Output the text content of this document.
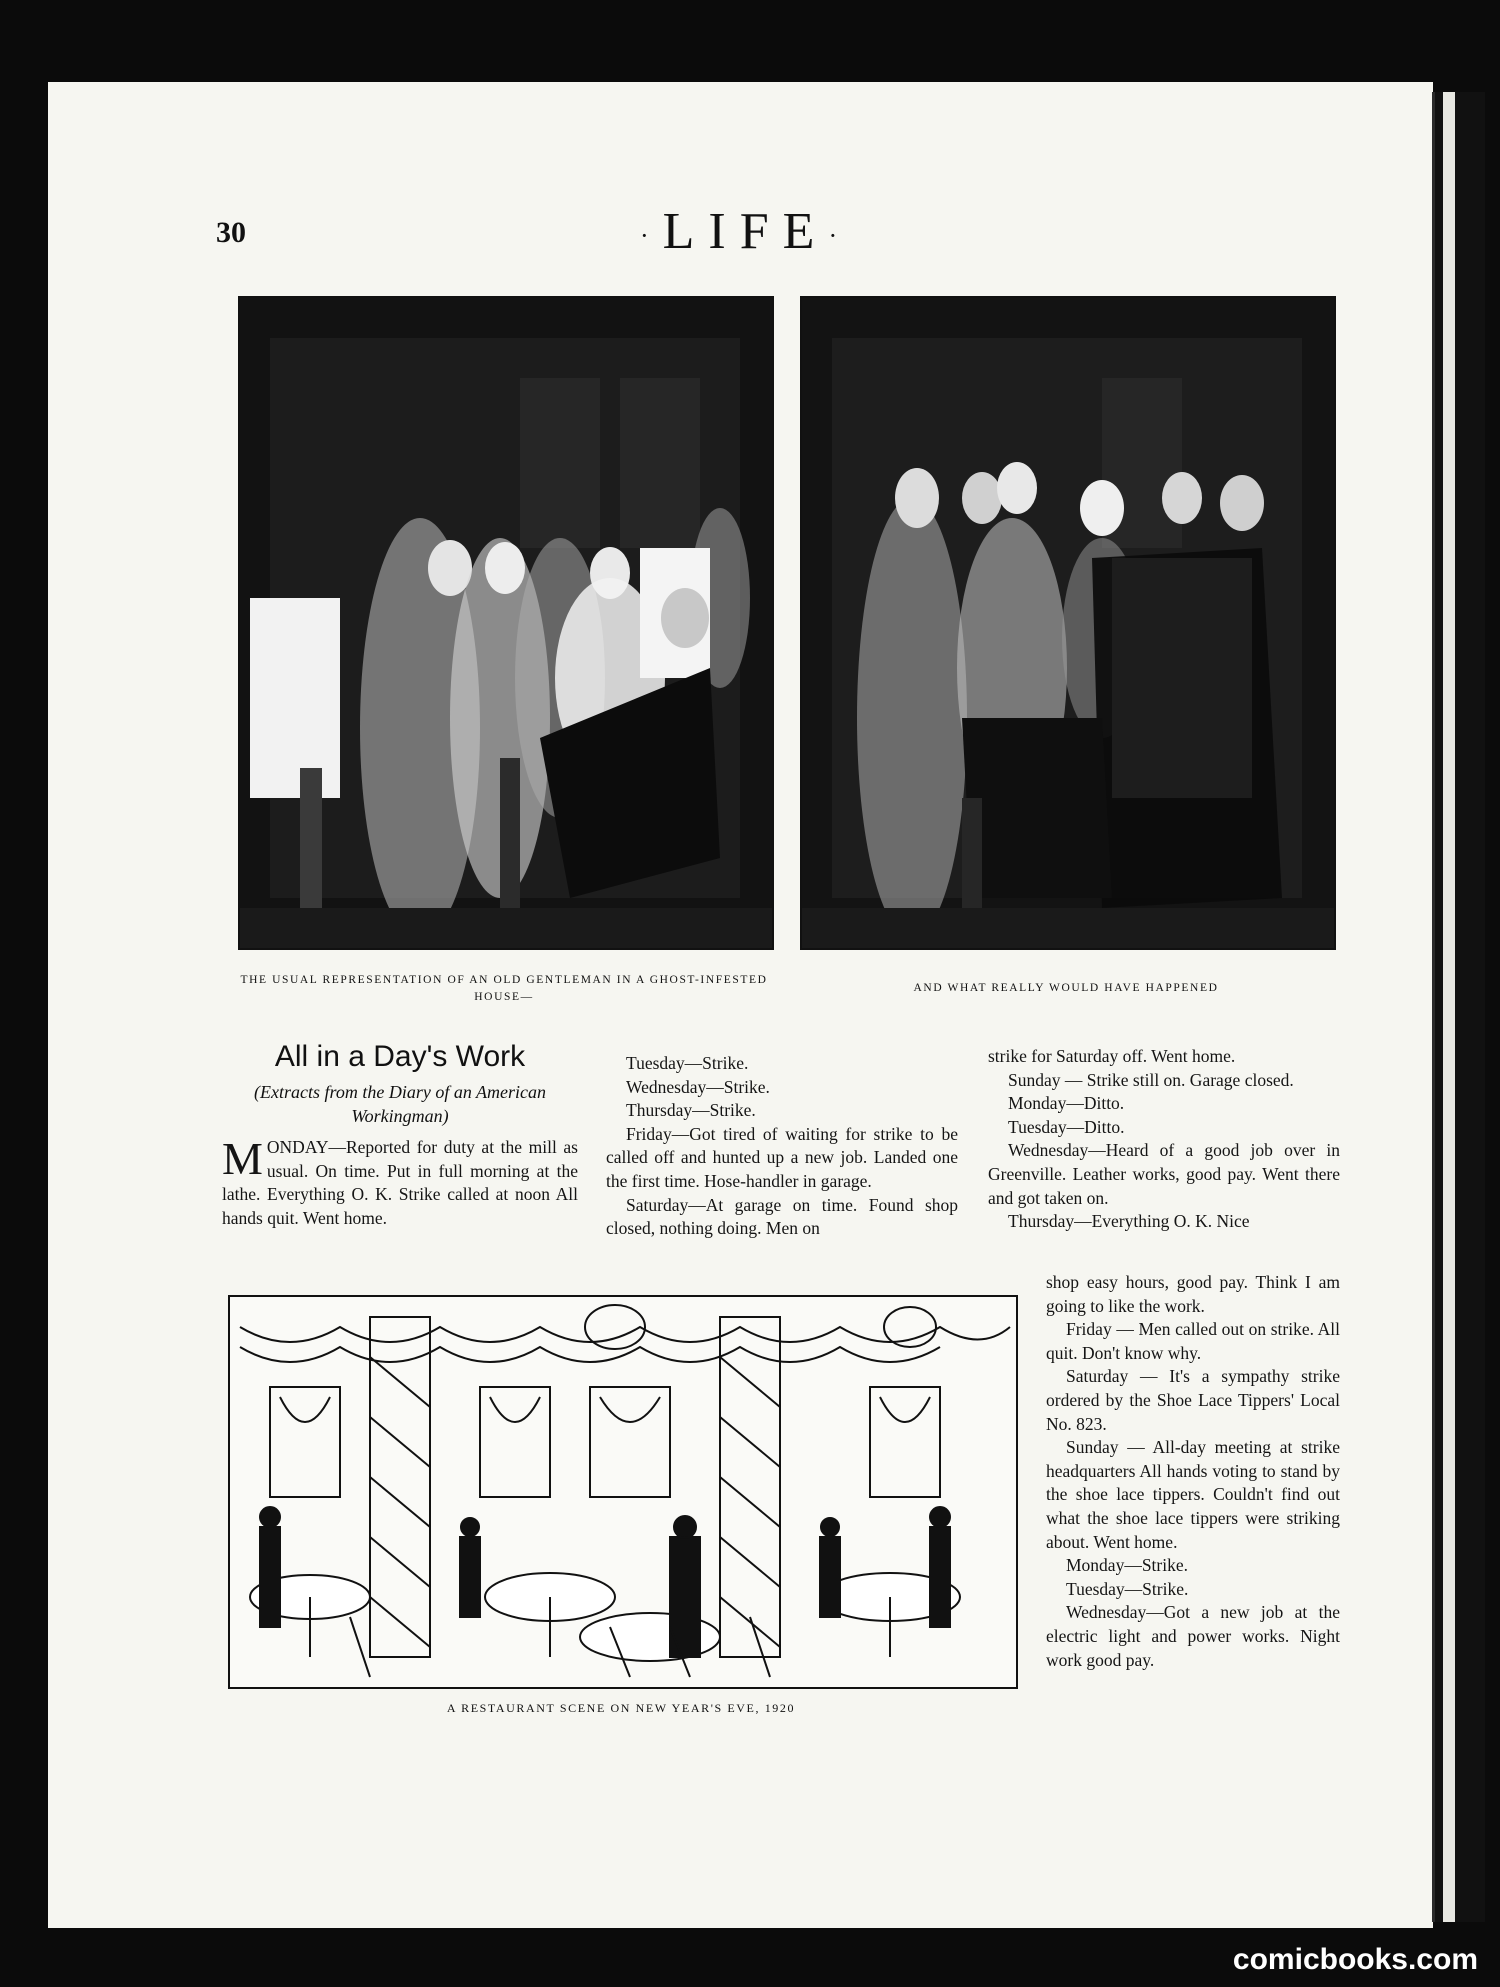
30	·LIFE·
THE USUAL REPRESENTATION OF AN OLD GENTLEMAN IN A GHOST-INFESTED HOUSE—
AND WHAT REALLY WOULD HAVE HAPPENED
All in a Day's Work
(Extracts from the Diary of an American Workingman)

MONDAY—Reported for duty at the mill as usual. On time. Put in full morning at the lathe. Everything O. K. Strike called at noon All hands quit. Went home.

Tuesday—Strike.

Wednesday—Strike.

Thursday—Strike.

Friday—Got tired of waiting for strike to be called off and hunted up a new job. Landed one the first time. Hose-handler in garage.

Saturday—At garage on time. Found shop closed, nothing doing. Men on

strike for Saturday off. Went home.

Sunday — Strike still on. Garage closed.

Monday—Ditto.

Tuesday—Ditto.

Wednesday—Heard of a good job over in Greenville. Leather works, good pay. Went there and got taken on.

Thursday—Everything O. K. Nice

shop easy hours, good pay. Think I am going to like the work.

Friday — Men called out on strike. All quit. Don't know why.

Saturday — It's a sympathy strike ordered by the Shoe Lace Tippers' Local No. 823.

Sunday — All-day meeting at strike headquarters All hands voting to stand by the shoe lace tippers. Couldn't find out what the shoe lace tippers were striking about. Went home.

Monday—Strike.

Tuesday—Strike.

Wednesday—Got a new job at the electric light and power works. Night work good pay.

A RESTAURANT SCENE ON NEW YEAR'S EVE, 1920
comicbooks.com
